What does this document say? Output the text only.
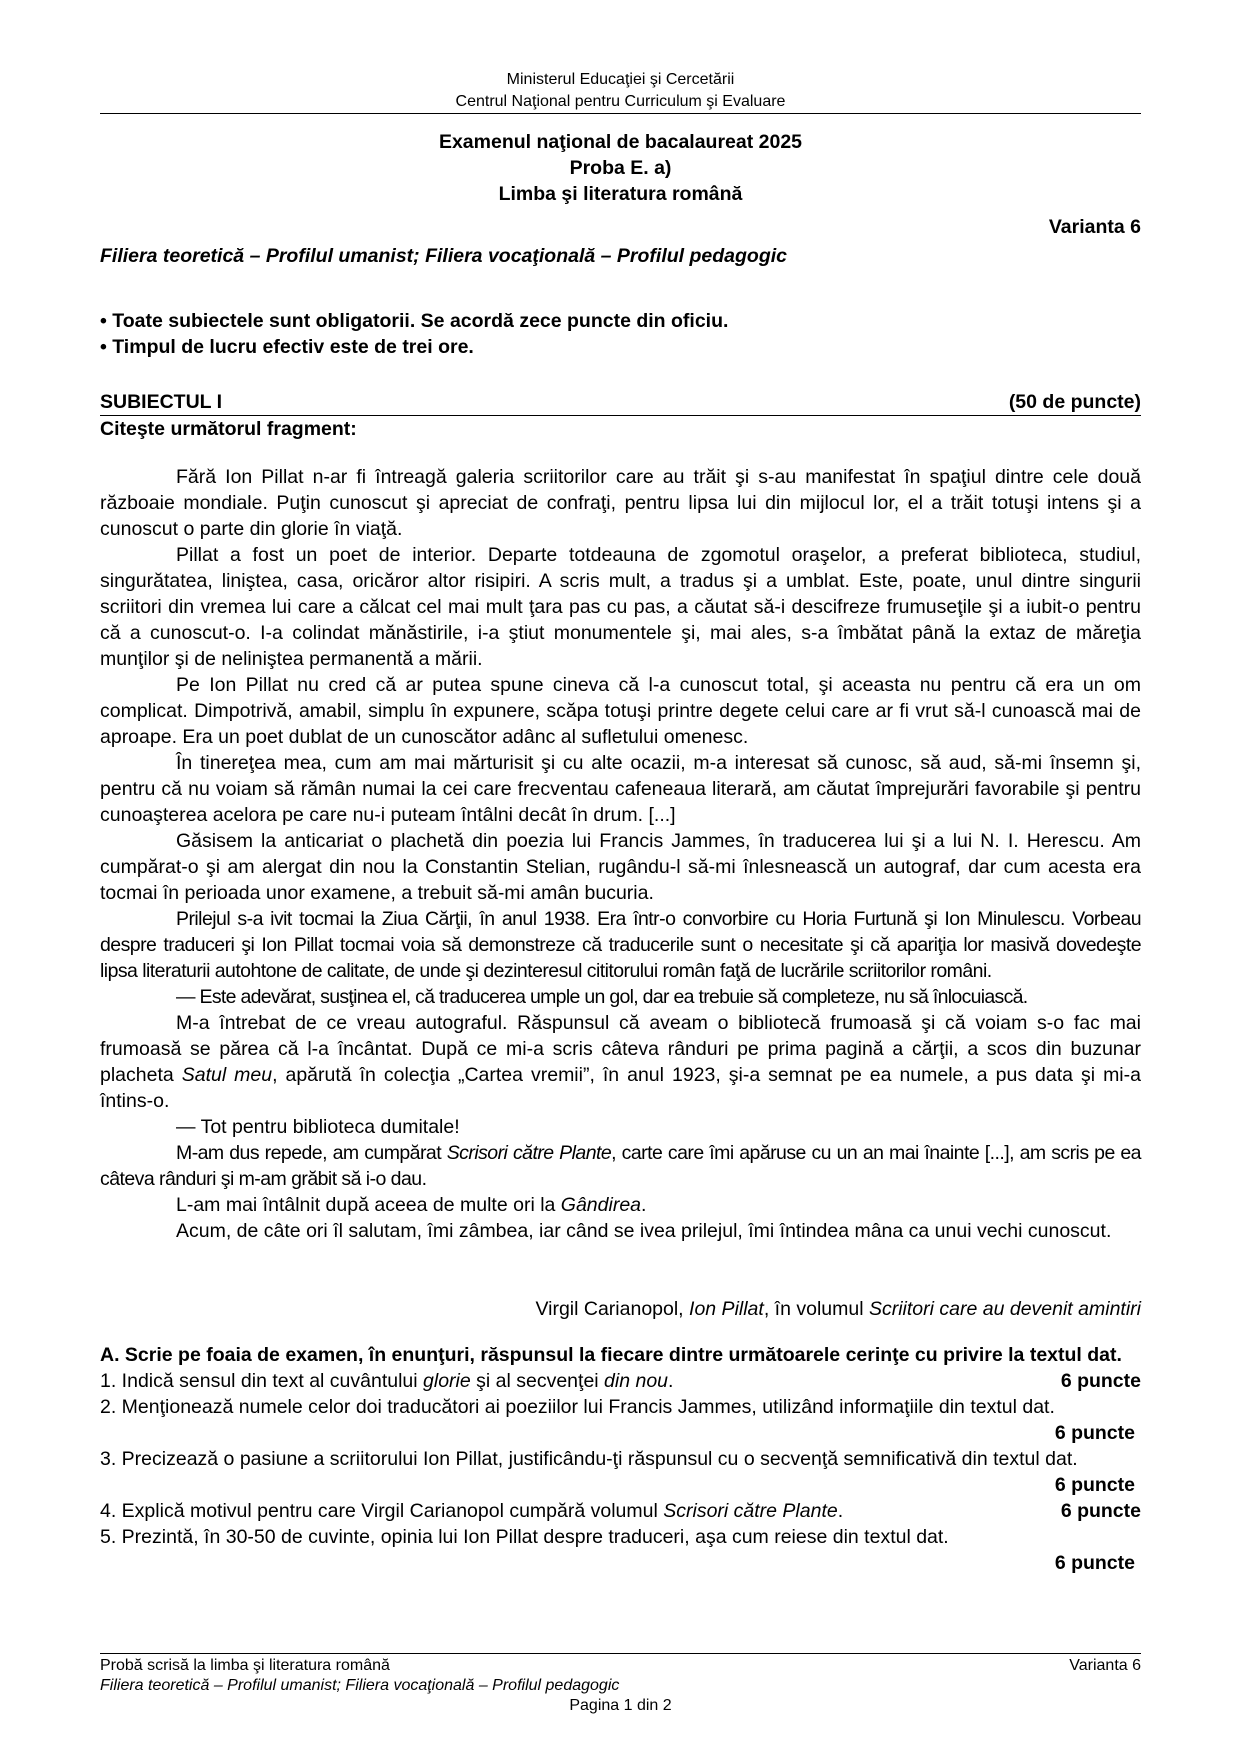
Ministerul Educaţiei şi Cercetării
Centrul Naţional pentru Curriculum şi Evaluare
Examenul naţional de bacalaureat 2025
Proba E. a)
Limba şi literatura română
Varianta 6
Filiera teoretică – Profilul umanist; Filiera vocaţională – Profilul pedagogic
• Toate subiectele sunt obligatorii. Se acordă zece puncte din oficiu.
• Timpul de lucru efectiv este de trei ore.
SUBIECTUL I	(50 de puncte)
Citeşte următorul fragment:

Fără Ion Pillat n-ar fi întreagă galeria scriitorilor care au trăit şi s-au manifestat în spaţiul dintre cele două războaie mondiale. Puţin cunoscut şi apreciat de confraţi, pentru lipsa lui din mijlocul lor, el a trăit totuşi intens şi a cunoscut o parte din glorie în viaţă.

Pillat a fost un poet de interior. Departe totdeauna de zgomotul oraşelor, a preferat biblioteca, studiul, singurătatea, liniştea, casa, oricăror altor risipiri. A scris mult, a tradus şi a umblat. Este, poate, unul dintre singurii scriitori din vremea lui care a călcat cel mai mult ţara pas cu pas, a căutat să-i descifreze frumuseţile şi a iubit-o pentru că a cunoscut-o. I-a colindat mănăstirile, i-a ştiut monumentele şi, mai ales, s-a îmbătat până la extaz de măreţia munţilor şi de neliniştea permanentă a mării.

Pe Ion Pillat nu cred că ar putea spune cineva că l-a cunoscut total, şi aceasta nu pentru că era un om complicat. Dimpotrivă, amabil, simplu în expunere, scăpa totuşi printre degete celui care ar fi vrut să-l cunoască mai de aproape. Era un poet dublat de un cunoscător adânc al sufletului omenesc.

În tinereţea mea, cum am mai mărturisit şi cu alte ocazii, m-a interesat să cunosc, să aud, să-mi însemn şi, pentru că nu voiam să rămân numai la cei care frecventau cafeneaua literară, am căutat împrejurări favorabile şi pentru cunoaşterea acelora pe care nu-i puteam întâlni decât în drum. [...]

Găsisem la anticariat o plachetă din poezia lui Francis Jammes, în traducerea lui şi a lui N. I. Herescu. Am cumpărat-o şi am alergat din nou la Constantin Stelian, rugându-l să-mi înlesnească un autograf, dar cum acesta era tocmai în perioada unor examene, a trebuit să-mi amân bucuria.

Prilejul s-a ivit tocmai la Ziua Cărţii, în anul 1938. Era într-o convorbire cu Horia Furtună şi Ion Minulescu. Vorbeau despre traduceri şi Ion Pillat tocmai voia să demonstreze că traducerile sunt o necesitate şi că apariţia lor masivă dovedeşte lipsa literaturii autohtone de calitate, de unde şi dezinteresul cititorului român faţă de lucrările scriitorilor români.

— Este adevărat, susţinea el, că traducerea umple un gol, dar ea trebuie să completeze, nu să înlocuiască.

M-a întrebat de ce vreau autograful. Răspunsul că aveam o bibliotecă frumoasă şi că voiam s-o fac mai frumoasă se părea că l-a încântat. După ce mi-a scris câteva rânduri pe prima pagină a cărţii, a scos din buzunar placheta Satul meu, apărută în colecţia „Cartea vremii”, în anul 1923, şi-a semnat pe ea numele, a pus data şi mi-a întins-o.

— Tot pentru biblioteca dumitale!

M-am dus repede, am cumpărat Scrisori către Plante, carte care îmi apăruse cu un an mai înainte [...], am scris pe ea câteva rânduri şi m-am grăbit să i-o dau.

L-am mai întâlnit după aceea de multe ori la Gândirea.

Acum, de câte ori îl salutam, îmi zâmbea, iar când se ivea prilejul, îmi întindea mâna ca unui vechi cunoscut.

Virgil Carianopol, Ion Pillat, în volumul Scriitori care au devenit amintiri
A. Scrie pe foaia de examen, în enunţuri, răspunsul la fiecare dintre următoarele cerinţe cu privire la textul dat.
1. Indică sensul din text al cuvântului glorie şi al secvenţei din nou.	6 puncte
2. Menţionează numele celor doi traducători ai poeziilor lui Francis Jammes, utilizând informaţiile din textul dat.
6 puncte
3. Precizează o pasiune a scriitorului Ion Pillat, justificându-ţi răspunsul cu o secvenţă semnificativă din textul dat.
6 puncte
4. Explică motivul pentru care Virgil Carianopol cumpără volumul Scrisori către Plante.	6 puncte
5. Prezintă, în 30-50 de cuvinte, opinia lui Ion Pillat despre traduceri, aşa cum reiese din textul dat.
6 puncte
Probă scrisă la limba şi literatura română	Varianta 6
Filiera teoretică – Profilul umanist; Filiera vocaţională – Profilul pedagogic
Pagina 1 din 2
